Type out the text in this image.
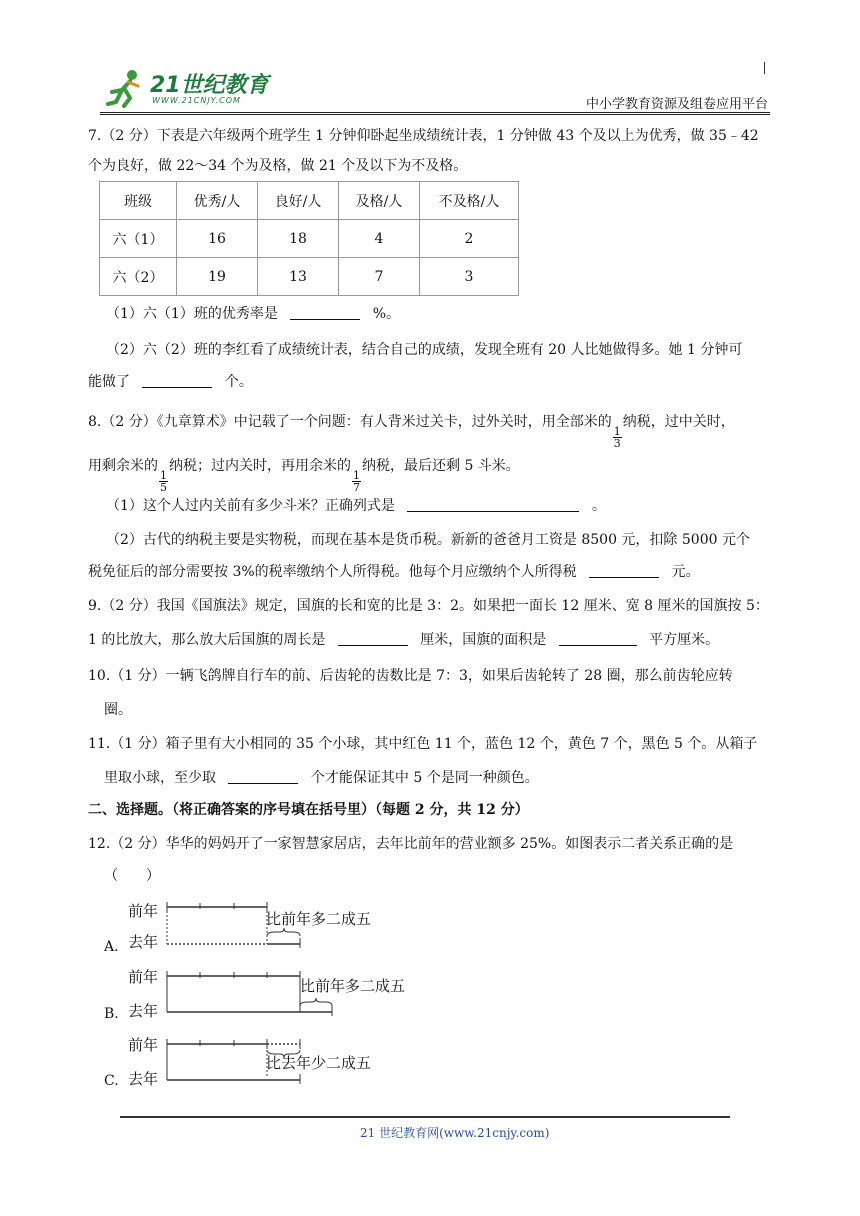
21世纪教育
WWW.21CNJY.COM	中小学教育资源及组卷应用平台
7.（2 分）下表是六年级两个班学生 1 分钟仰卧起坐成绩统计表，1 分钟做 43 个及以上为优秀，做 35﹣42
个为良好，做 22～34 个为及格，做 21 个及以下为不及格。
班级	优秀/人	良好/人	及格/人	不及格/人
六（1）	16	18	4	2
六（2）	19	13	7	3
（1）六（1）班的优秀率是	%。
（2）六（2）班的李红看了成绩统计表，结合自己的成绩，发现全班有 20 人比她做得多。她 1 分钟可
能做了	个。
8.（2 分）《九章算术》中记载了一个问题：有人背米过关卡，过外关时，用全部米的
$\frac{1}{3}$
纳税，过中关时，
用剩余米的
$\frac{1}{5}$
纳税；过内关时，再用余米的
$\frac{1}{7}$
纳税，最后还剩 5 斗米。
（1）这个人过内关前有多少斗米？正确列式是	。
（2）古代的纳税主要是实物税，而现在基本是货币税。新新的爸爸月工资是 8500 元，扣除 5000 元个
税免征后的部分需要按 3%的税率缴纳个人所得税。他每个月应缴纳个人所得税	元。
9.（2 分）我国《国旗法》规定，国旗的长和宽的比是 3：2。如果把一面长 12 厘米、宽 8 厘米的国旗按 5：
1 的比放大，那么放大后国旗的周长是	厘米，国旗的面积是	平方厘米。
10.（1 分）一辆飞鸽牌自行车的前、后齿轮的齿数比是 7：3，如果后齿轮转了 28 圈，那么前齿轮应转
圈。
11.（1 分）箱子里有大小相同的 35 个小球，其中红色 11 个，蓝色 12 个，黄色 7 个，黑色 5 个。从箱子
里取小球，至少取	个才能保证其中 5 个是同一种颜色。
二、选择题。（将正确答案的序号填在括号里）（每题 2 分，共 12 分）
12.（2 分）华华的妈妈开了一家智慧家居店，去年比前年的营业额多 25%。如图表示二者关系正确的是
（　　）
A.
前年
去年
比前年多二成五
B.
前年
去年
比前年多二成五
C.
前年
去年
比去年少二成五
21 世纪教育网(www.21cnjy.com)
